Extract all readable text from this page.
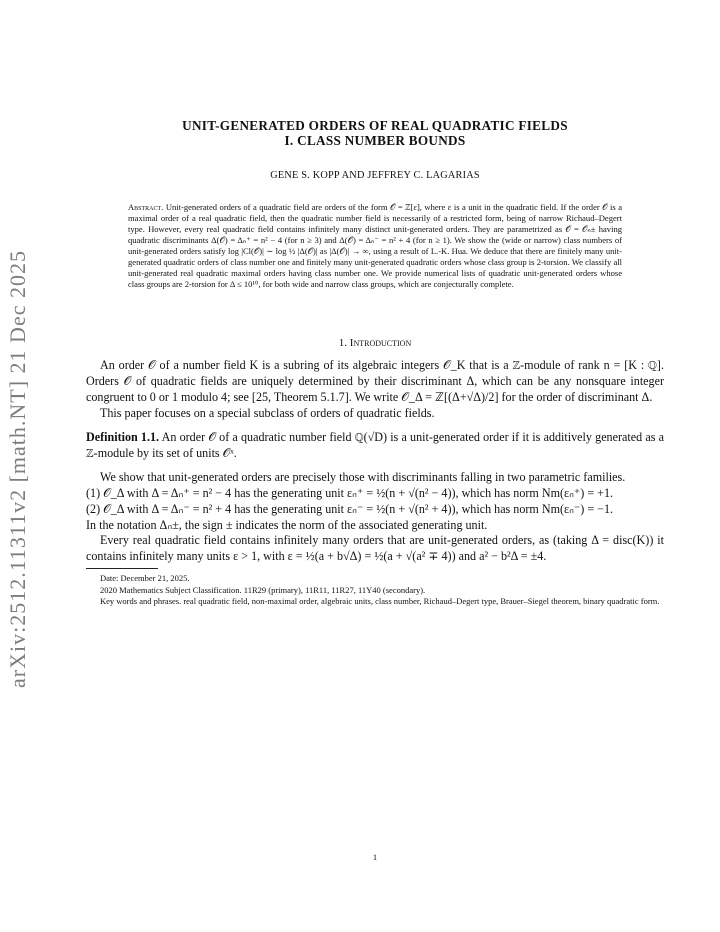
arXiv:2512.11311v2 [math.NT] 21 Dec 2025
UNIT-GENERATED ORDERS OF REAL QUADRATIC FIELDS
I. CLASS NUMBER BOUNDS
GENE S. KOPP AND JEFFREY C. LAGARIAS
Abstract. Unit-generated orders of a quadratic field are orders of the form 𝒪 = ℤ[ε], where ε is a unit in the quadratic field. If the order 𝒪 is a maximal order of a real quadratic field, then the quadratic number field is necessarily of a restricted form, being of narrow Richaud–Degert type. However, every real quadratic field contains infinitely many distinct unit-generated orders. They are parametrized as 𝒪 = 𝒪ₙ± having quadratic discriminants Δ(𝒪) = Δₙ⁺ = n² − 4 (for n ≥ 3) and Δ(𝒪) = Δₙ⁻ = n² + 4 (for n ≥ 1). We show the (wide or narrow) class numbers of unit-generated orders satisfy log |Cl(𝒪)| ∼ log ½ |Δ(𝒪)| as |Δ(𝒪)| → ∞, using a result of L.-K. Hua. We deduce that there are finitely many unit-generated quadratic orders of class number one and finitely many unit-generated quadratic orders whose class group is 2-torsion. We classify all unit-generated real quadratic maximal orders having class number one. We provide numerical lists of quadratic unit-generated orders whose class groups are 2-torsion for Δ ≤ 10¹⁰, for both wide and narrow class groups, which are conjecturally complete.
1. Introduction

An order 𝒪 of a number field K is a subring of its algebraic integers 𝒪_K that is a ℤ-module of rank n = [K : ℚ]. Orders 𝒪 of quadratic fields are uniquely determined by their discriminant Δ, which can be any nonsquare integer congruent to 0 or 1 modulo 4; see [25, Theorem 5.1.7]. We write 𝒪_Δ = ℤ[(Δ+√Δ)/2] for the order of discriminant Δ.

This paper focuses on a special subclass of orders of quadratic fields.

Definition 1.1. An order 𝒪 of a quadratic number field ℚ(√D) is a unit-generated order if it is additively generated as a ℤ-module by its set of units 𝒪ˣ.

We show that unit-generated orders are precisely those with discriminants falling in two parametric families.

(1) 𝒪_Δ with Δ = Δₙ⁺ = n² − 4 has the generating unit εₙ⁺ = ½(n + √(n² − 4)), which has norm Nm(εₙ⁺) = +1.

(2) 𝒪_Δ with Δ = Δₙ⁻ = n² + 4 has the generating unit εₙ⁻ = ½(n + √(n² + 4)), which has norm Nm(εₙ⁻) = −1.

In the notation Δₙ±, the sign ± indicates the norm of the associated generating unit.

Every real quadratic field contains infinitely many orders that are unit-generated orders, as (taking Δ = disc(K)) it contains infinitely many units ε > 1, with ε = ½(a + b√Δ) = ½(a + √(a² ∓ 4)) and a² − b²Δ = ±4.

Date: December 21, 2025.

2020 Mathematics Subject Classification. 11R29 (primary), 11R11, 11R27, 11Y40 (secondary).

Key words and phrases. real quadratic field, non-maximal order, algebraic units, class number, Richaud–Degert type, Brauer–Siegel theorem, binary quadratic form.

1
